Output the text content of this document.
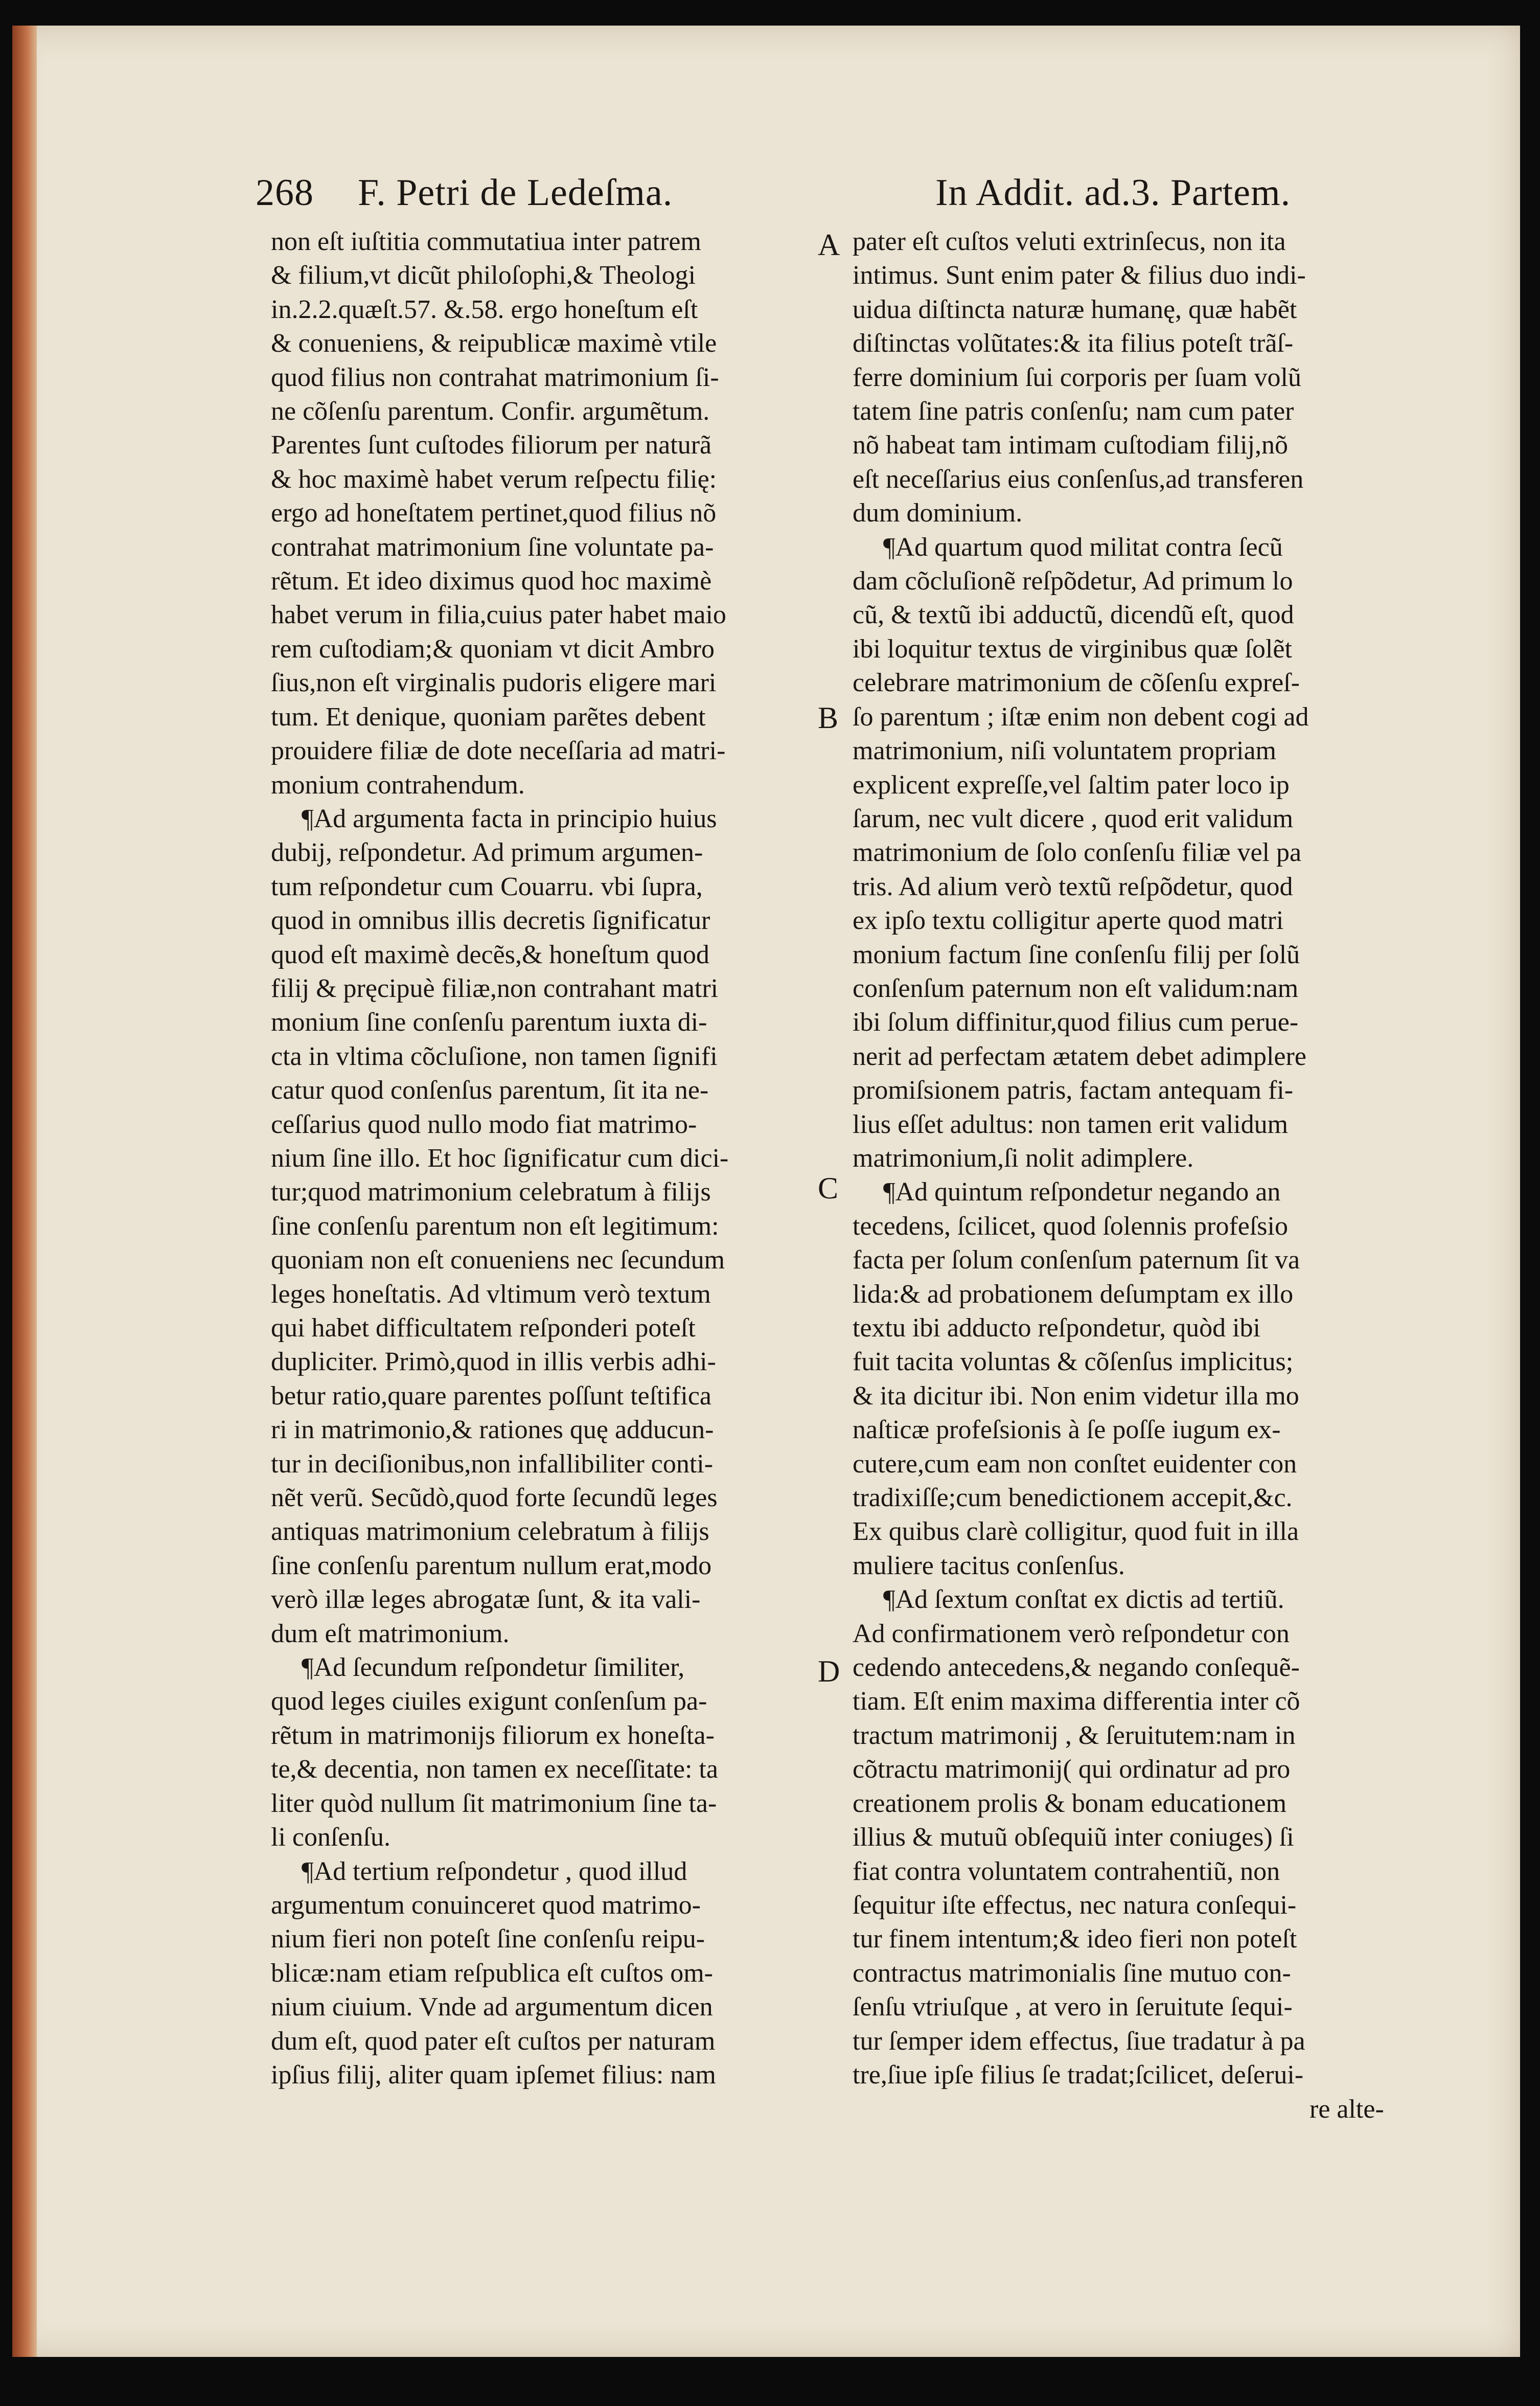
268 F. Petri de Ledeſma.	In Addit. ad.3. Partem.
A
B
C
D
non eſt iuſtitia commutatiua inter patrem
& filium,vt dicũt philoſophi,& Theologi
in.2.2.quæſt.57. &.58. ergo honeſtum eſt
& conueniens, & reipublicæ maximè vtile
quod filius non contrahat matrimonium ſi-
ne cõſenſu parentum. Confir. argumẽtum.
Parentes ſunt cuſtodes filiorum per naturã
& hoc maximè habet verum reſpectu filię:
ergo ad honeſtatem pertinet,quod filius nõ
contrahat matrimonium ſine voluntate pa-
rẽtum. Et ideo diximus quod hoc maximè
habet verum in filia,cuius pater habet maio
rem cuſtodiam;& quoniam vt dicit Ambro
ſius,non eſt virginalis pudoris eligere mari
tum. Et denique, quoniam parẽtes debent
prouidere filiæ de dote neceſſaria ad matri-
monium contrahendum.
¶Ad argumenta facta in principio huius
dubij, reſpondetur. Ad primum argumen-
tum reſpondetur cum Couarru. vbi ſupra,
quod in omnibus illis decretis ſignificatur
quod eſt maximè decẽs,& honeſtum quod
filij & pręcipuè filiæ,non contrahant matri
monium ſine conſenſu parentum iuxta di-
cta in vltima cõcluſione, non tamen ſignifi
catur quod conſenſus parentum, ſit ita ne-
ceſſarius quod nullo modo fiat matrimo-
nium ſine illo. Et hoc ſignificatur cum dici-
tur;quod matrimonium celebratum à filijs
ſine conſenſu parentum non eſt legitimum:
quoniam non eſt conueniens nec ſecundum
leges honeſtatis. Ad vltimum verò textum
qui habet difficultatem reſponderi poteſt
dupliciter. Primò,quod in illis verbis adhi-
betur ratio,quare parentes poſſunt teſtifica
ri in matrimonio,& rationes quę adducun-
tur in deciſionibus,non infallibiliter conti-
nẽt verũ. Secũdò,quod forte ſecundũ leges
antiquas matrimonium celebratum à filijs
ſine conſenſu parentum nullum erat,modo
verò illæ leges abrogatæ ſunt, & ita vali-
dum eſt matrimonium.
¶Ad ſecundum reſpondetur ſimiliter,
quod leges ciuiles exigunt conſenſum pa-
rẽtum in matrimonijs filiorum ex honeſta-
te,& decentia, non tamen ex neceſſitate: ta
liter quòd nullum ſit matrimonium ſine ta-
li conſenſu.
¶Ad tertium reſpondetur , quod illud
argumentum conuinceret quod matrimo-
nium fieri non poteſt ſine conſenſu reipu-
blicæ:nam etiam reſpublica eſt cuſtos om-
nium ciuium. Vnde ad argumentum dicen
dum eſt, quod pater eſt cuſtos per naturam
ipſius filij, aliter quam ipſemet filius: nam
pater eſt cuſtos veluti extrinſecus, non ita
intimus. Sunt enim pater & filius duo indi-
uidua diſtincta naturæ humanę, quæ habẽt
diſtinctas volũtates:& ita filius poteſt trãſ-
ferre dominium ſui corporis per ſuam volũ
tatem ſine patris conſenſu; nam cum pater
nõ habeat tam intimam cuſtodiam filij,nõ
eſt neceſſarius eius conſenſus,ad transferen
dum dominium.
¶Ad quartum quod militat contra ſecũ
dam cõcluſionẽ reſpõdetur, Ad primum lo
cũ, & textũ ibi adductũ, dicendũ eſt, quod
ibi loquitur textus de virginibus quæ ſolẽt
celebrare matrimonium de cõſenſu expreſ-
ſo parentum ; iſtæ enim non debent cogi ad
matrimonium, niſi voluntatem propriam
explicent expreſſe,vel ſaltim pater loco ip
ſarum, nec vult dicere , quod erit validum
matrimonium de ſolo conſenſu filiæ vel pa
tris. Ad alium verò textũ reſpõdetur, quod
ex ipſo textu colligitur aperte quod matri
monium factum ſine conſenſu filij per ſolũ
conſenſum paternum non eſt validum:nam
ibi ſolum diffinitur,quod filius cum perue-
nerit ad perfectam ætatem debet adimplere
promiſsionem patris, factam antequam fi-
lius eſſet adultus: non tamen erit validum
matrimonium,ſi nolit adimplere.
¶Ad quintum reſpondetur negando an
tecedens, ſcilicet, quod ſolennis profeſsio
facta per ſolum conſenſum paternum ſit va
lida:& ad probationem deſumptam ex illo
textu ibi adducto reſpondetur, quòd ibi
fuit tacita voluntas & cõſenſus implicitus;
& ita dicitur ibi. Non enim videtur illa mo
naſticæ profeſsionis à ſe poſſe iugum ex-
cutere,cum eam non conſtet euidenter con
tradixiſſe;cum benedictionem accepit,&c.
Ex quibus clarè colligitur, quod fuit in illa
muliere tacitus conſenſus.
¶Ad ſextum conſtat ex dictis ad tertiũ.
Ad confirmationem verò reſpondetur con
cedendo antecedens,& negando conſequẽ-
tiam. Eſt enim maxima differentia inter cõ
tractum matrimonij , & ſeruitutem:nam in
cõtractu matrimonij( qui ordinatur ad pro
creationem prolis & bonam educationem
illius & mutuũ obſequiũ inter coniuges) ſi
fiat contra voluntatem contrahentiũ, non
ſequitur iſte effectus, nec natura conſequi-
tur finem intentum;& ideo fieri non poteſt
contractus matrimonialis ſine mutuo con-
ſenſu vtriuſque , at vero in ſeruitute ſequi-
tur ſemper idem effectus, ſiue tradatur à pa
tre,ſiue ipſe filius ſe tradat;ſcilicet, deſerui-
re alte-
